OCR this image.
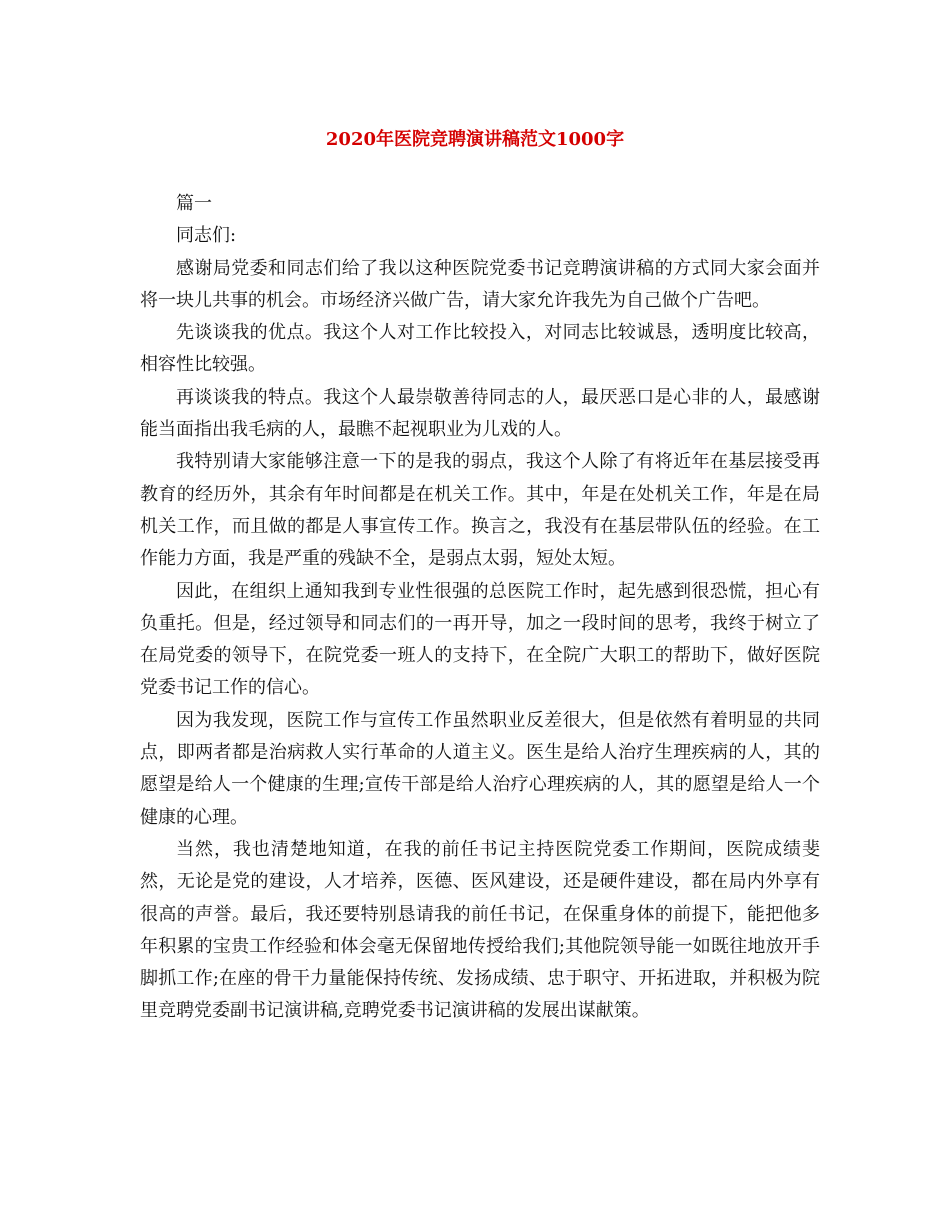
2020年医院竞聘演讲稿范文1000字

篇一

同志们:

感谢局党委和同志们给了我以这种医院党委书记竞聘演讲稿的方式同大家会面并将一块儿共事的机会。市场经济兴做广告，请大家允许我先为自己做个广告吧。

先谈谈我的优点。我这个人对工作比较投入，对同志比较诚恳，透明度比较高，相容性比较强。

再谈谈我的特点。我这个人最崇敬善待同志的人，最厌恶口是心非的人，最感谢能当面指出我毛病的人，最瞧不起视职业为儿戏的人。

我特别请大家能够注意一下的是我的弱点，我这个人除了有将近年在基层接受再教育的经历外，其余有年时间都是在机关工作。其中，年是在处机关工作，年是在局机关工作，而且做的都是人事宣传工作。换言之，我没有在基层带队伍的经验。在工作能力方面，我是严重的残缺不全，是弱点太弱，短处太短。

因此，在组织上通知我到专业性很强的总医院工作时，起先感到很恐慌，担心有负重托。但是，经过领导和同志们的一再开导，加之一段时间的思考，我终于树立了在局党委的领导下，在院党委一班人的支持下，在全院广大职工的帮助下，做好医院党委书记工作的信心。

因为我发现，医院工作与宣传工作虽然职业反差很大，但是依然有着明显的共同点，即两者都是治病救人实行革命的人道主义。医生是给人治疗生理疾病的人，其的愿望是给人一个健康的生理;宣传干部是给人治疗心理疾病的人，其的愿望是给人一个健康的心理。

当然，我也清楚地知道，在我的前任书记主持医院党委工作期间，医院成绩斐然，无论是党的建设，人才培养，医德、医风建设，还是硬件建设，都在局内外享有很高的声誉。最后，我还要特别恳请我的前任书记，在保重身体的前提下，能把他多年积累的宝贵工作经验和体会毫无保留地传授给我们;其他院领导能一如既往地放开手脚抓工作;在座的骨干力量能保持传统、发扬成绩、忠于职守、开拓进取，并积极为院里竞聘党委副书记演讲稿,竞聘党委书记演讲稿的发展出谋献策。
